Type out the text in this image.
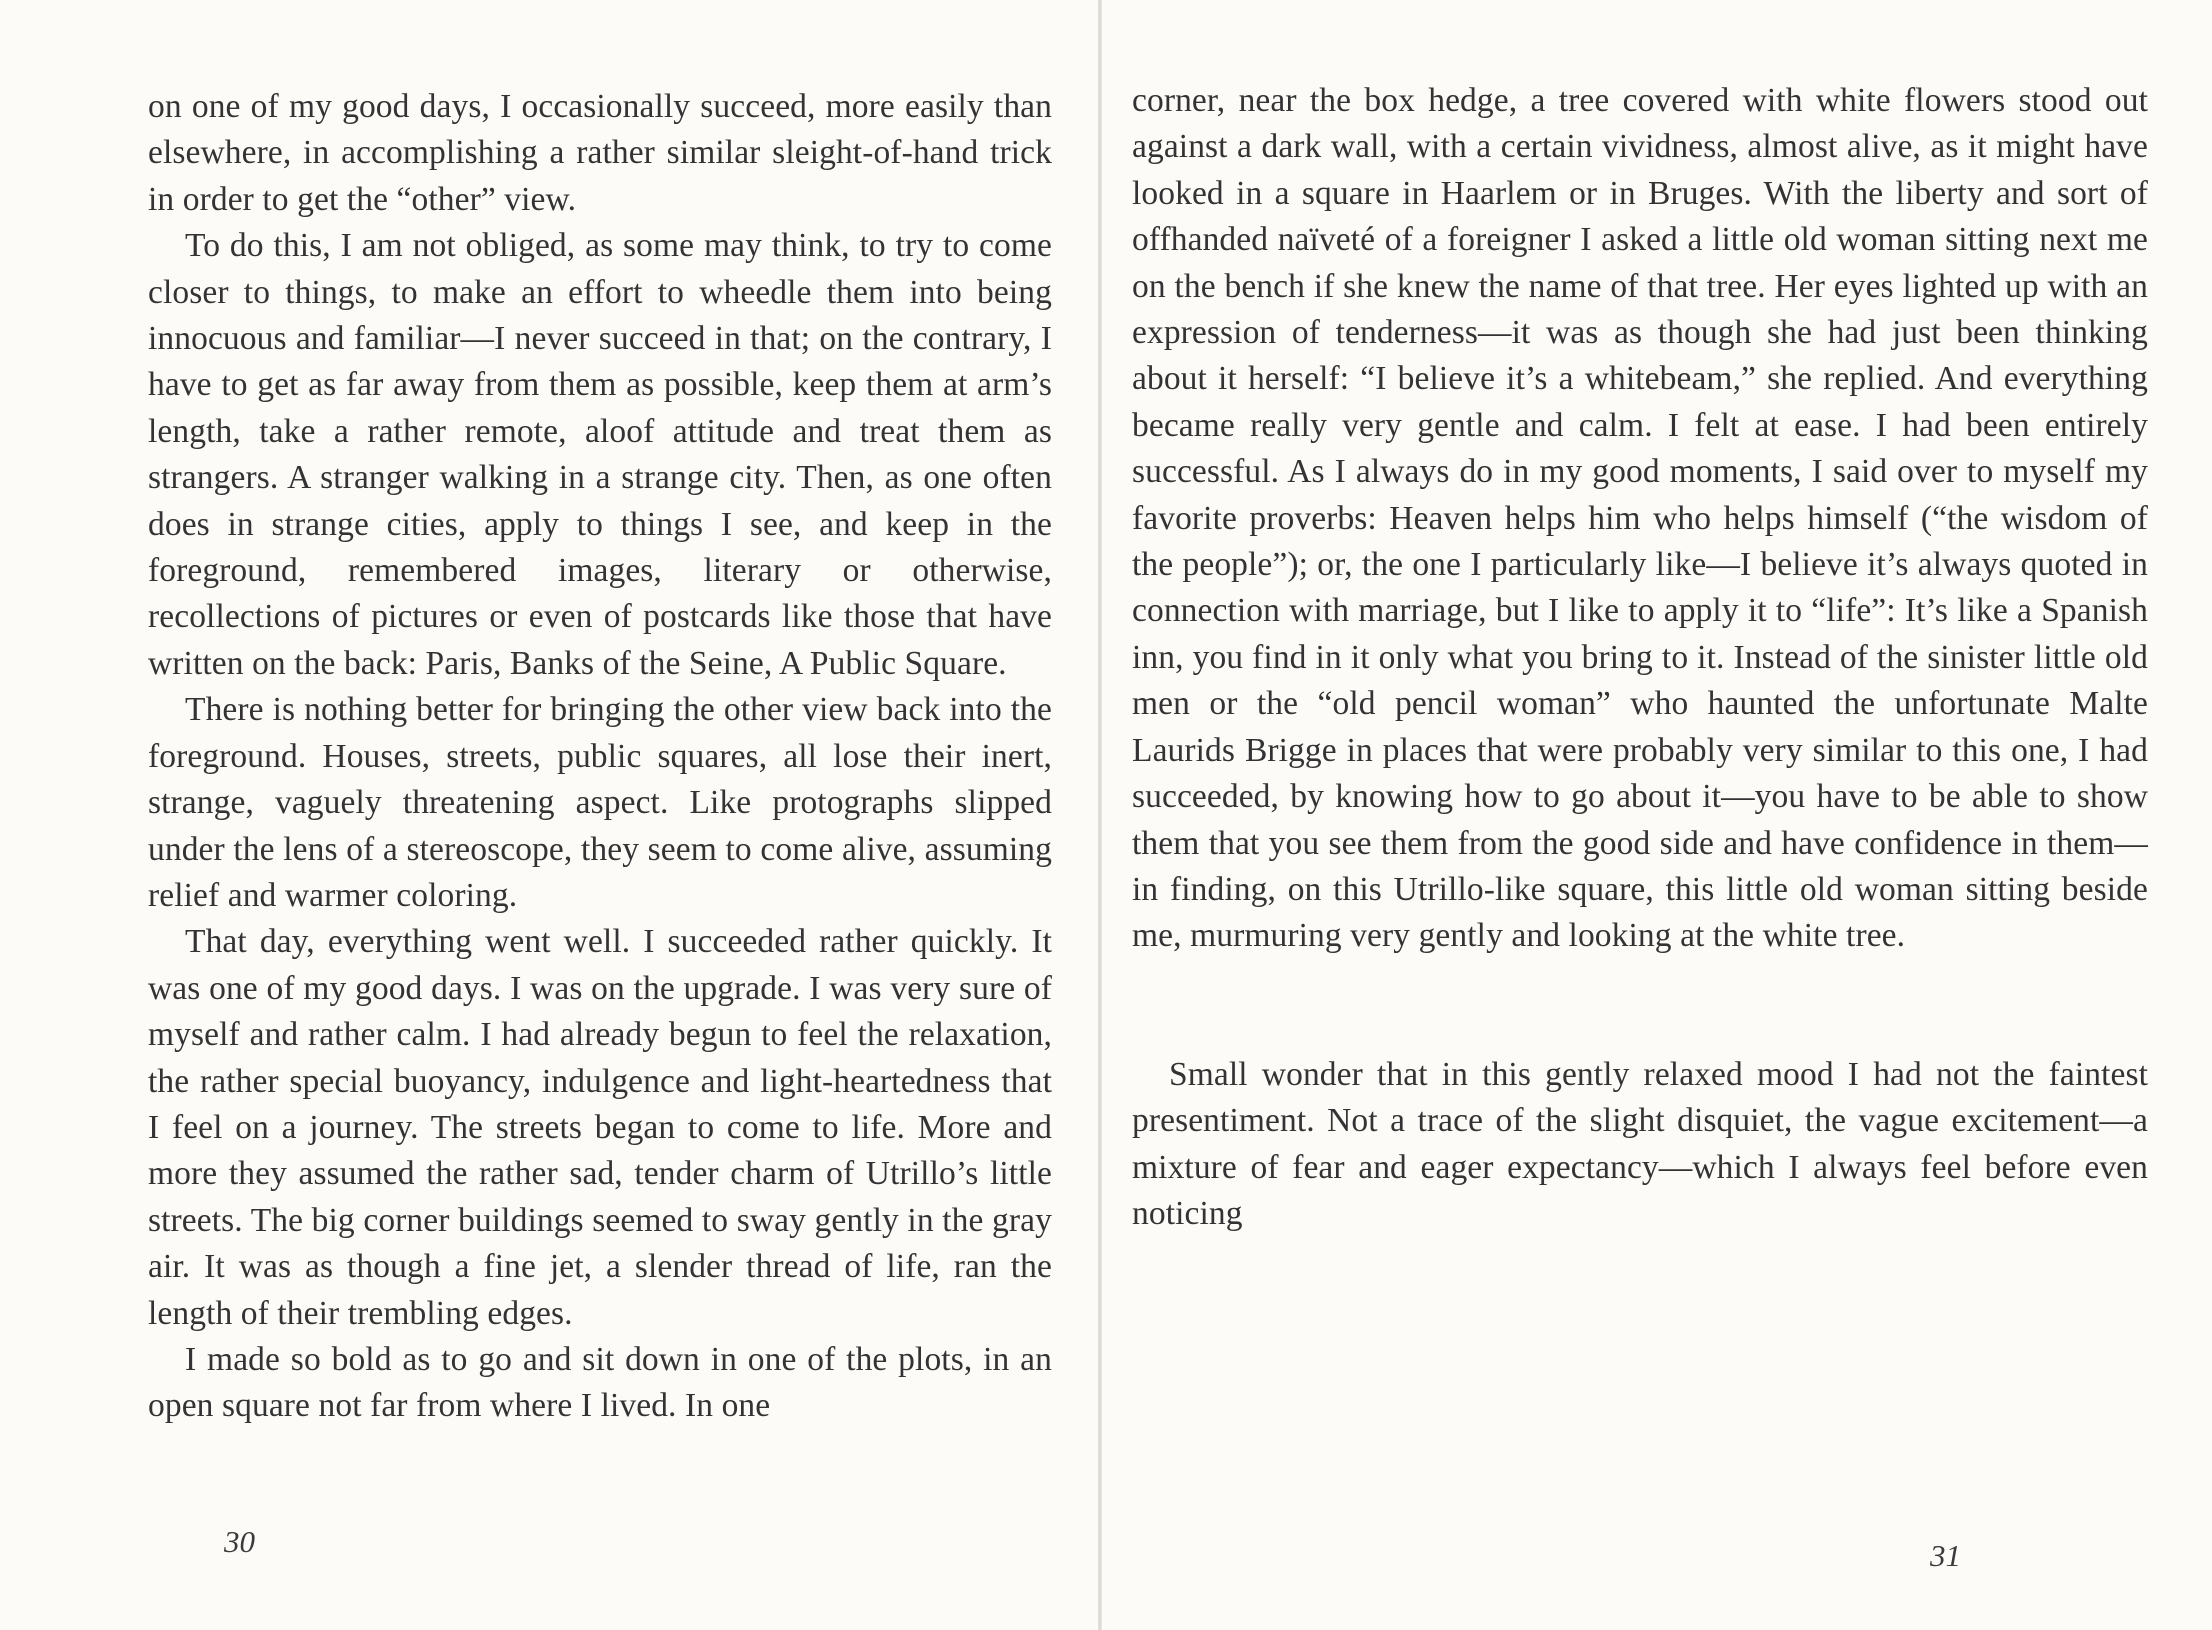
on one of my good days, I occasionally succeed, more easily than elsewhere, in accomplishing a rather similar sleight-of-hand trick in order to get the “other” view.

To do this, I am not obliged, as some may think, to try to come closer to things, to make an effort to wheedle them into being innocuous and familiar—I never succeed in that; on the contrary, I have to get as far away from them as possible, keep them at arm’s length, take a rather remote, aloof attitude and treat them as strangers. A stranger walking in a strange city. Then, as one often does in strange cities, apply to things I see, and keep in the foreground, remembered images, literary or otherwise, recollections of pictures or even of postcards like those that have written on the back: Paris, Banks of the Seine, A Public Square.

There is nothing better for bringing the other view back into the foreground. Houses, streets, public squares, all lose their inert, strange, vaguely threatening aspect. Like protographs slipped under the lens of a stereoscope, they seem to come alive, assuming relief and warmer coloring.

That day, everything went well. I succeeded rather quickly. It was one of my good days. I was on the upgrade. I was very sure of myself and rather calm. I had already begun to feel the relaxation, the rather special buoyancy, indulgence and light-heartedness that I feel on a journey. The streets began to come to life. More and more they assumed the rather sad, tender charm of Utrillo’s little streets. The big corner buildings seemed to sway gently in the gray air. It was as though a fine jet, a slender thread of life, ran the length of their trembling edges.

I made so bold as to go and sit down in one of the plots, in an open square not far from where I lived. In one

30

corner, near the box hedge, a tree covered with white flowers stood out against a dark wall, with a certain vividness, almost alive, as it might have looked in a square in Haarlem or in Bruges. With the liberty and sort of offhanded naïveté of a foreigner I asked a little old woman sitting next me on the bench if she knew the name of that tree. Her eyes lighted up with an expression of tenderness—it was as though she had just been thinking about it herself: “I believe it’s a whitebeam,” she replied. And everything became really very gentle and calm. I felt at ease. I had been entirely successful. As I always do in my good moments, I said over to myself my favorite proverbs: Heaven helps him who helps himself (“the wisdom of the people”); or, the one I particularly like—I believe it’s always quoted in connection with marriage, but I like to apply it to “life”: It’s like a Spanish inn, you find in it only what you bring to it. Instead of the sinister little old men or the “old pencil woman” who haunted the unfortunate Malte Laurids Brigge in places that were probably very similar to this one, I had succeeded, by knowing how to go about it—you have to be able to show them that you see them from the good side and have confidence in them—in finding, on this Utrillo-like square, this little old woman sitting beside me, murmuring very gently and looking at the white tree.

Small wonder that in this gently relaxed mood I had not the faintest presentiment. Not a trace of the slight disquiet, the vague excitement—a mixture of fear and eager expectancy—which I always feel before even noticing

31
